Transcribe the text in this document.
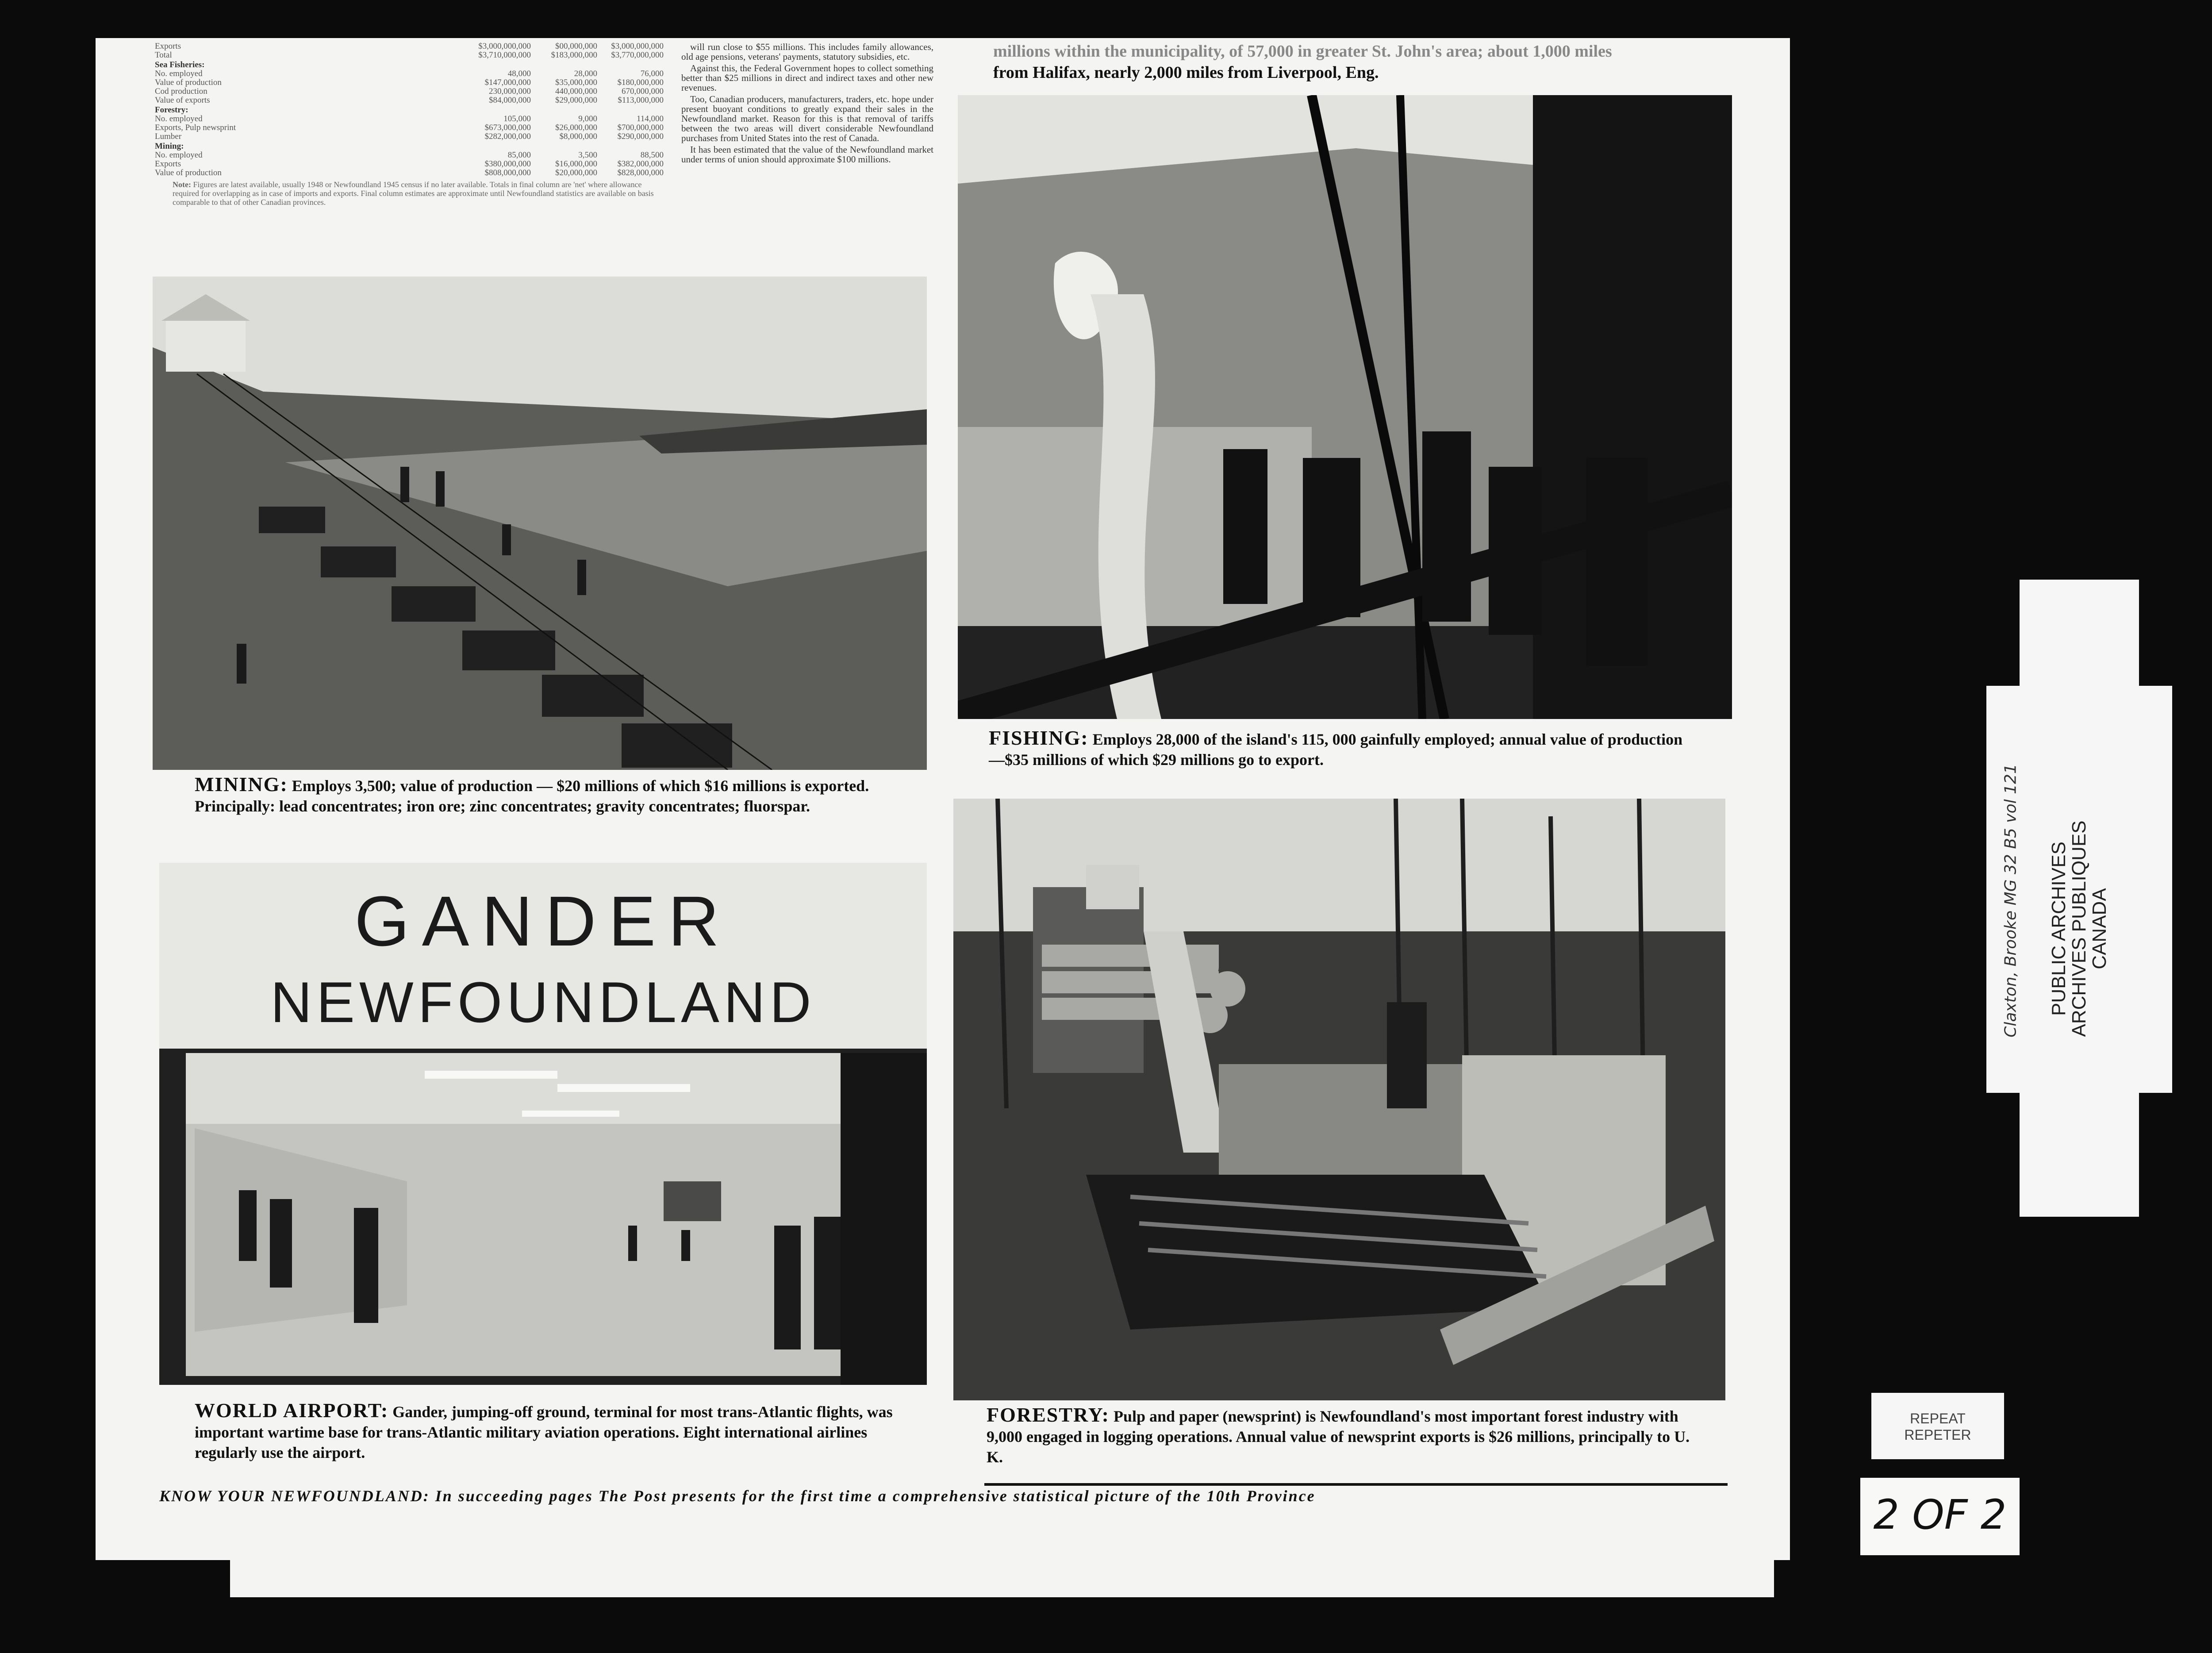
Exports	$3,000,000,000	$00,000,000	$3,000,000,000
Total	$3,710,000,000	$183,000,000	$3,770,000,000
Sea Fisheries:
No. employed	48,000	28,000	76,000
Value of production	$147,000,000	$35,000,000	$180,000,000
Cod production	230,000,000	440,000,000	670,000,000
Value of exports	$84,000,000	$29,000,000	$113,000,000
Forestry:
No. employed	105,000	9,000	114,000
Exports, Pulp newsprint	$673,000,000	$26,000,000	$700,000,000
Lumber	$282,000,000	$8,000,000	$290,000,000
Mining:
No. employed	85,000	3,500	88,500
Exports	$380,000,000	$16,000,000	$382,000,000
Value of production	$808,000,000	$20,000,000	$828,000,000
Note: Figures are latest available, usually 1948 or Newfoundland 1945 census if no later available. Totals in final column are 'net' where allowance required for overlapping as in case of imports and exports. Final column estimates are approximate until Newfoundland statistics are available on basis comparable to that of other Canadian provinces.

will run close to $55 millions. This includes family allowances, old age pensions, veterans' payments, statutory subsidies, etc.

Against this, the Federal Government hopes to collect something better than $25 millions in direct and indirect taxes and other new revenues.

Too, Canadian producers, manufacturers, traders, etc. hope under present buoyant conditions to greatly expand their sales in the Newfoundland market. Reason for this is that removal of tariffs between the two areas will divert considerable Newfoundland purchases from United States into the rest of Canada.

It has been estimated that the value of the Newfoundland market under terms of union should approximate $100 millions.

millions within the municipality, of 57,000 in greater St. John's area; about 1,000 miles
from Halifax, nearly 2,000 miles from Liverpool, Eng.
MINING: Employs 3,500; value of production — $20 millions of which $16 millions is exported. Principally: lead concentrates; iron ore; zinc concentrates; gravity concentrates; fluorspar.
FISHING: Employs 28,000 of the island's 115, 000 gainfully employed; annual value of production—$35 millions of which $29 millions go to export.
GANDER
NEWFOUNDLAND
WORLD AIRPORT: Gander, jumping-off ground, terminal for most trans-Atlantic flights, was important wartime base for trans-Atlantic military aviation operations. Eight international airlines regularly use the airport.
FORESTRY: Pulp and paper (newsprint) is Newfoundland's most important forest industry with 9,000 engaged in logging operations. Annual value of newsprint exports is $26 millions, principally to U. K.
KNOW YOUR NEWFOUNDLAND: In succeeding pages The Post presents for the first time a comprehensive statistical picture of the 10th Province
PUBLIC ARCHIVES
ARCHIVES PUBLIQUES
CANADA
Claxton, Brooke MG 32 B5 vol 121
REPEAT
REPETER
2 OF 2
